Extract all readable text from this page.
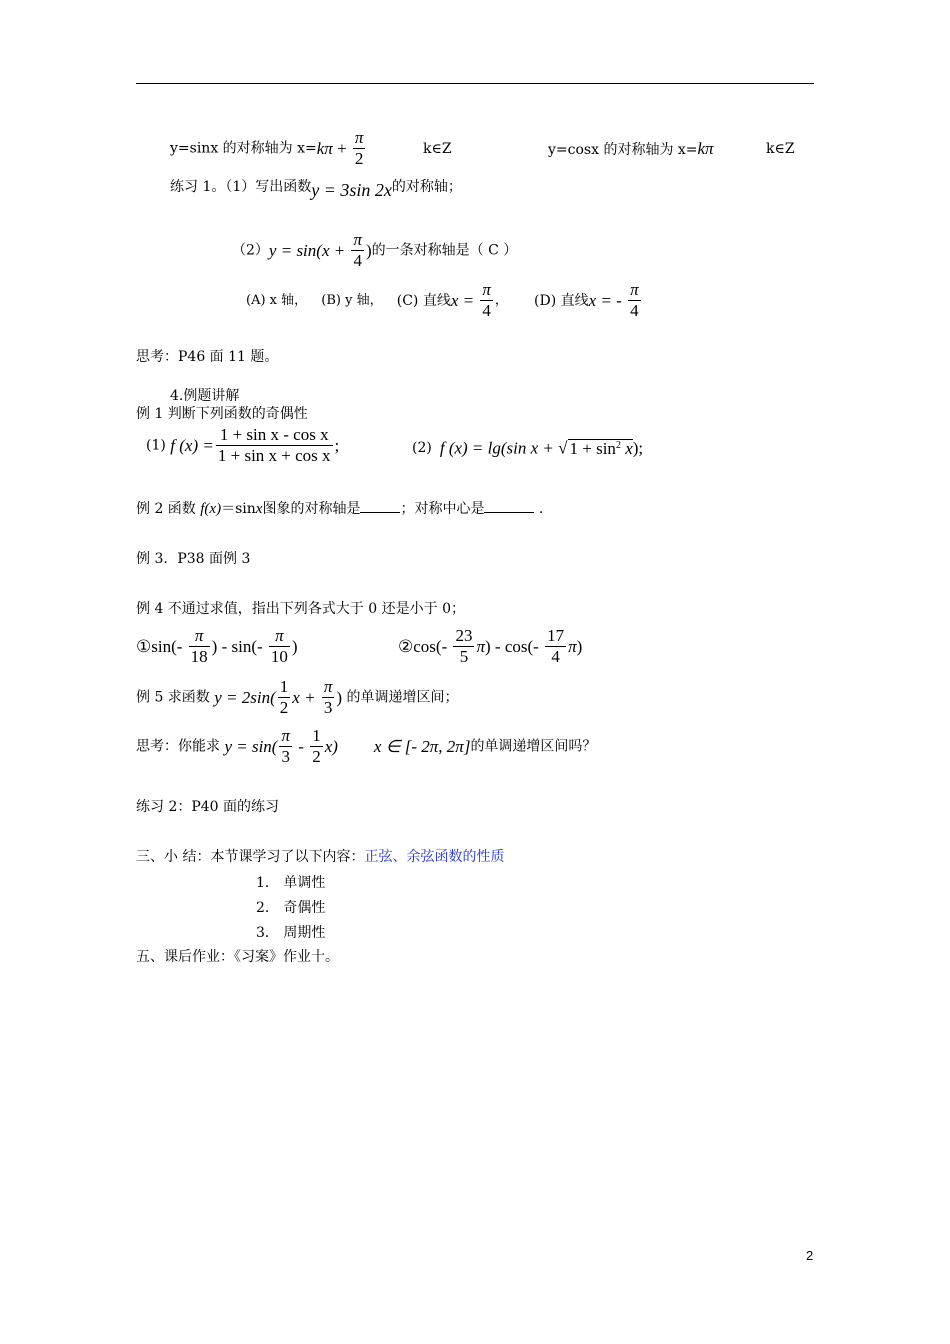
y=sinx 的对称轴为 $x=k\pi + \frac{\pi}{2}$	k∈Z	y=cosx 的对称轴为 x=kπ	k∈Z
练习 1。（1）写出函数y = 3sin 2x的对称轴；
$(2)y = \sin(x + \frac{\pi}{4}$ )的一条对称轴是（ C ）
(A) x 轴， (B) y 轴， (C) 直线$x = \frac{\pi}{4}$ ， (D) 直线x = - $\frac{\pi}{4}$
思考：P46 面 11 题。
4.例题讲解
例 1 判断下列函数的奇偶性
(1) f $(x) = \frac{\text{1 + sin x - cos x}}{\text{1 + sin x + cos x}}$ ;	(2) f (x) = lg(sin x + √ $1 + \sin^2 x$);
例 2 函数 f(x)＝sinx图象的对称轴是	；对称中心是	.
例 3．P38 面例 3
例 4 不通过求值，指出下列各式大于 0 还是小于 0；
①sin(- $\frac{\pi}{18}$ ) - $\sin(- \frac{\pi}{10}$ )	②cos(- $\frac{23}{5} \pi) - \cos(- \frac{17}{4} \pi)$
例 5 求函数 $y = 2\sin( \frac{1}{2}$ $x + \frac{\pi}{3}$ ) 的单调递增区间；
思考：你能求 $y = \sin( \frac{\pi}{3} - \frac{1}{2} x)$ x ∈ [- 2π, 2π]的单调递增区间吗？
练习 2：P40 面的练习
三、小 结：本节课学习了以下内容：正弦、余弦函数的性质
1． 单调性
2． 奇偶性
3． 周期性
五、课后作业：《习案》作业十。
2
